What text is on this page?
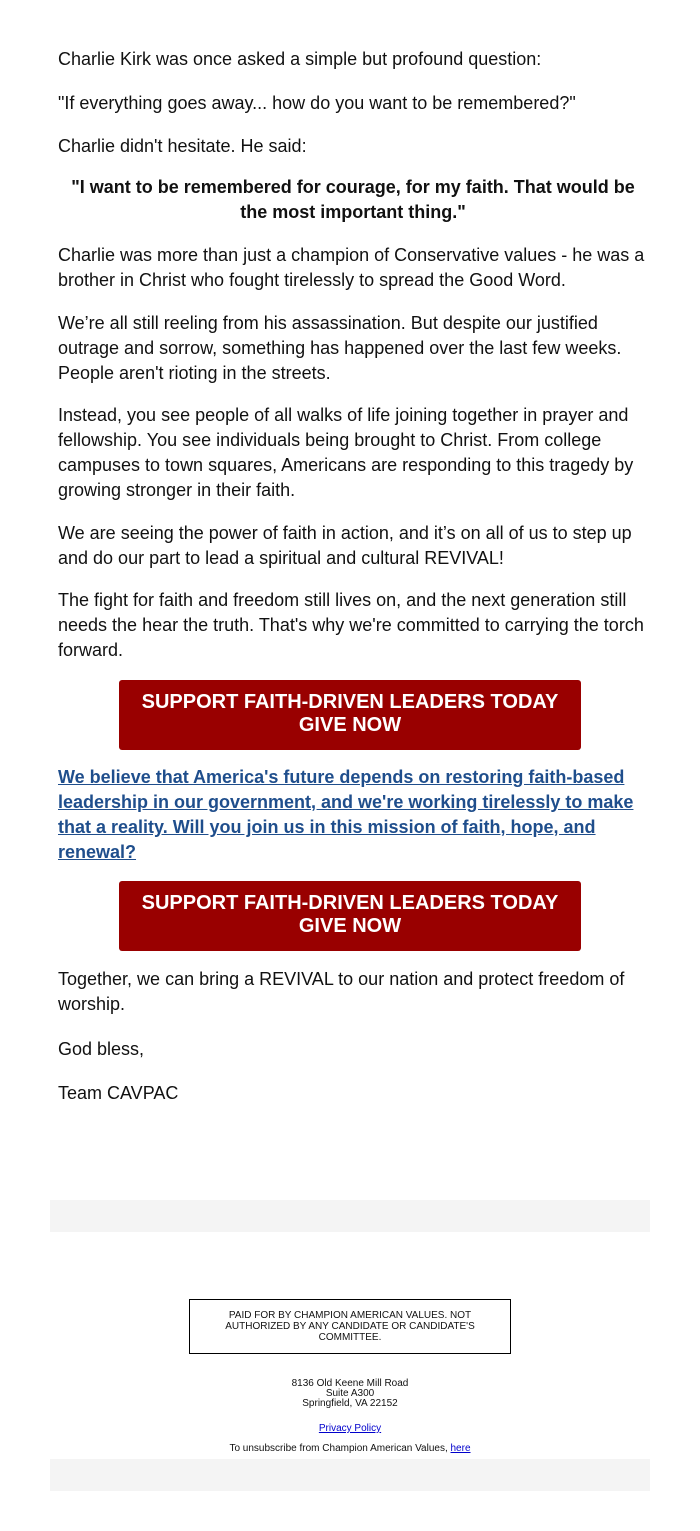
Charlie Kirk was once asked a simple but profound question:

"If everything goes away... how do you want to be remembered?"

Charlie didn't hesitate. He said:

"I want to be remembered for courage, for my faith. That would be the most important thing."

Charlie was more than just a champion of Conservative values - he was a brother in Christ who fought tirelessly to spread the Good Word.

We’re all still reeling from his assassination. But despite our justified outrage and sorrow, something has happened over the last few weeks. People aren't rioting in the streets.

Instead, you see people of all walks of life joining together in prayer and fellowship. You see individuals being brought to Christ. From college campuses to town squares, Americans are responding to this tragedy by growing stronger in their faith.

We are seeing the power of faith in action, and it’s on all of us to step up and do our part to lead a spiritual and cultural REVIVAL!

The fight for faith and freedom still lives on, and the next generation still needs the hear the truth. That's why we're committed to carrying the torch forward.

SUPPORT FAITH-DRIVEN LEADERS TODAY
GIVE NOW

We believe that America's future depends on restoring faith-based leadership in our government, and we're working tirelessly to make that a reality. Will you join us in this mission of faith, hope, and renewal?

SUPPORT FAITH-DRIVEN LEADERS TODAY
GIVE NOW

Together, we can bring a REVIVAL to our nation and protect freedom of worship.

God bless,

Team CAVPAC

PAID FOR BY CHAMPION AMERICAN VALUES. NOT AUTHORIZED BY ANY CANDIDATE OR CANDIDATE'S COMMITTEE.
8136 Old Keene Mill Road
Suite A300
Springfield, VA 22152
Privacy Policy
To unsubscribe from Champion American Values, here
